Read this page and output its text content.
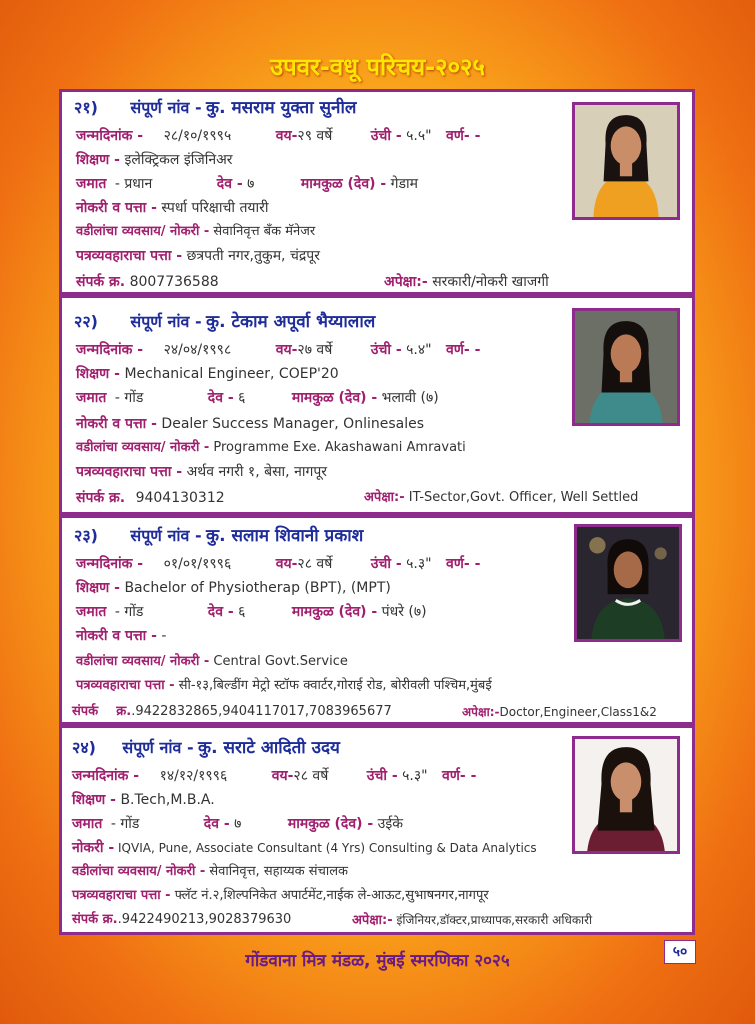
उपवर-वधू परिचय-२०२५
२१) संपूर्ण नांव - कु. मसराम युक्ता सुनील
जन्मदिनांक - २८/१०/१९९५	वय-२९ वर्षे	उंची - ५.५" वर्ण- -
शिक्षण - इलेक्ट्रिकल इंजिनिअर
जमात - प्रधान	देव - ७	मामकुळ (देव) - गेडाम
नोकरी व पत्ता - स्पर्धा परिक्षाची तयारी
वडीलांचा व्यवसाय/ नोकरी - सेवानिवृत्त बँक मॅनेजर
पत्रव्यवहाराचा पत्ता - छत्रपती नगर,तुकुम, चंद्रपूर
संपर्क क्र. 8007736588	अपेक्षा:- सरकारी/नोकरी खाजगी
२२) संपूर्ण नांव - कु. टेकाम अपूर्वा भैय्यालाल
जन्मदिनांक - २४/०४/१९९८	वय-२७ वर्षे	उंची - ५.४" वर्ण- -
शिक्षण - Mechanical Engineer, COEP'20
जमात - गोंड	देव - ६	मामकुळ (देव) - भलावी (७)
नोकरी व पत्ता - Dealer Success Manager, Onlinesales
वडीलांचा व्यवसाय/ नोकरी - Programme Exe. Akashawani Amravati
पत्रव्यवहाराचा पत्ता - अर्थव नगरी १, बेसा, नागपूर
संपर्क क्र. 9404130312	अपेक्षा:- IT-Sector,Govt. Officer, Well Settled
२३) संपूर्ण नांव - कु. सलाम शिवानी प्रकाश
जन्मदिनांक - ०१/०१/१९९६	वय-२८ वर्षे	उंची - ५.३" वर्ण- -
शिक्षण - Bachelor of Physiotherap (BPT), (MPT)
जमात - गोंड	देव - ६	मामकुळ (देव) - पंधरे (७)
नोकरी व पत्ता - -
वडीलांचा व्यवसाय/ नोकरी - Central Govt.Service
पत्रव्यवहाराचा पत्ता - सी-१३,बिल्डींग मेट्रो स्टॉफ क्वार्टर,गोराई रोड, बोरीवली पश्चिम,मुंबई
संपर्क क्र..9422832865,9404117017,7083965677	अपेक्षा:-Doctor,Engineer,Class1&2
२४) संपूर्ण नांव - कु. सराटे आदिती उदय
जन्मदिनांक - १४/१२/१९९६	वय-२८ वर्षे	उंची - ५.३" वर्ण- -
शिक्षण - B.Tech,M.B.A.
जमात - गोंड	देव - ७	मामकुळ (देव) - उईके
नोकरी - IQVIA, Pune, Associate Consultant (4 Yrs) Consulting & Data Analytics
वडीलांचा व्यवसाय/ नोकरी - सेवानिवृत्त, सहाय्यक संचालक
पत्रव्यवहाराचा पत्ता - फ्लॅट नं.२,शिल्पनिकेत अपार्टमेंट,नाईक ले-आऊट,सुभाषनगर,नागपूर
संपर्क क्र..9422490213,9028379630	अपेक्षा:- इंजिनियर,डॉक्टर,प्राध्यापक,सरकारी अधिकारी
गोंडवाना मित्र मंडळ, मुंबई स्मरणिका २०२५	५०
